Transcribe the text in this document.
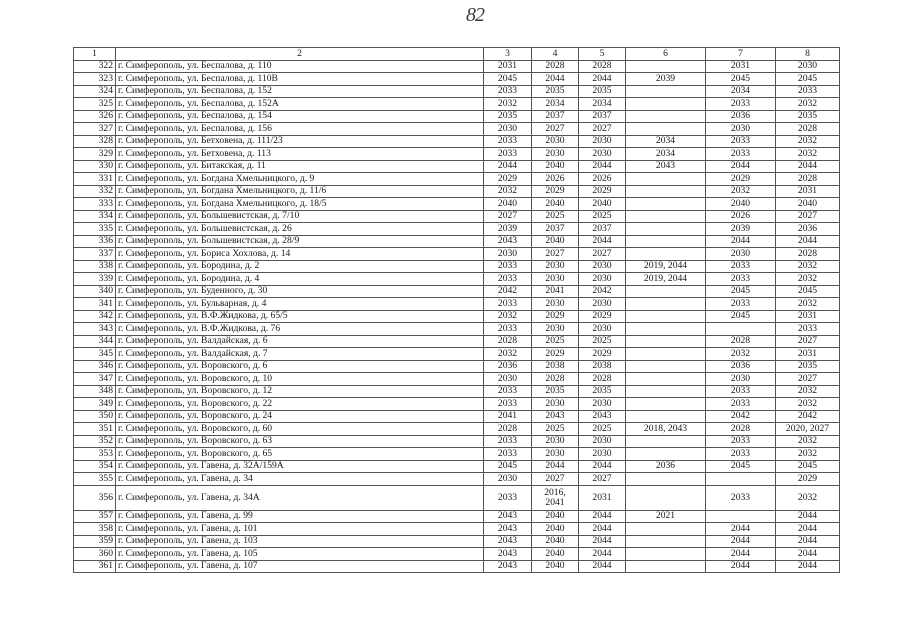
82
1	2	3	4	5	6	7	8
322	г. Симферополь, ул. Беспалова, д. 110	2031	2028	2028		2031	2030
323	г. Симферополь, ул. Беспалова, д. 110В	2045	2044	2044	2039	2045	2045
324	г. Симферополь, ул. Беспалова, д. 152	2033	2035	2035		2034	2033
325	г. Симферополь, ул. Беспалова, д. 152А	2032	2034	2034		2033	2032
326	г. Симферополь, ул. Беспалова, д. 154	2035	2037	2037		2036	2035
327	г. Симферополь, ул. Беспалова, д. 156	2030	2027	2027		2030	2028
328	г. Симферополь, ул. Бетховена, д. 111/23	2033	2030	2030	2034	2033	2032
329	г. Симферополь, ул. Бетховена, д. 113	2033	2030	2030	2034	2033	2032
330	г. Симферополь, ул. Битакская, д. 11	2044	2040	2044	2043	2044	2044
331	г. Симферополь, ул. Богдана Хмельницкого, д. 9	2029	2026	2026		2029	2028
332	г. Симферополь, ул. Богдана Хмельницкого, д. 11/6	2032	2029	2029		2032	2031
333	г. Симферополь, ул. Богдана Хмельницкого, д. 18/5	2040	2040	2040		2040	2040
334	г. Симферополь, ул. Большевистская, д. 7/10	2027	2025	2025		2026	2027
335	г. Симферополь, ул. Большевистская, д. 26	2039	2037	2037		2039	2036
336	г. Симферополь, ул. Большевистская, д. 28/9	2043	2040	2044		2044	2044
337	г. Симферополь, ул. Бориса Хохлова, д. 14	2030	2027	2027		2030	2028
338	г. Симферополь, ул. Бородина, д. 2	2033	2030	2030	2019, 2044	2033	2032
339	г. Симферополь, ул. Бородина, д. 4	2033	2030	2030	2019, 2044	2033	2032
340	г. Симферополь, ул. Буденного, д. 30	2042	2041	2042		2045	2045
341	г. Симферополь, ул. Бульварная, д. 4	2033	2030	2030		2033	2032
342	г. Симферополь, ул. В.Ф.Жидкова, д. 65/5	2032	2029	2029		2045	2031
343	г. Симферополь, ул. В.Ф.Жидкова, д. 76	2033	2030	2030			2033
344	г. Симферополь, ул. Валдайская, д. 6	2028	2025	2025		2028	2027
345	г. Симферополь, ул. Валдайская, д. 7	2032	2029	2029		2032	2031
346	г. Симферополь, ул. Воровского, д. 6	2036	2038	2038		2036	2035
347	г. Симферополь, ул. Воровского, д. 10	2030	2028	2028		2030	2027
348	г. Симферополь, ул. Воровского, д. 12	2033	2035	2035		2033	2032
349	г. Симферополь, ул. Воровского, д. 22	2033	2030	2030		2033	2032
350	г. Симферополь, ул. Воровского, д. 24	2041	2043	2043		2042	2042
351	г. Симферополь, ул. Воровского, д. 60	2028	2025	2025	2018, 2043	2028	2020, 2027
352	г. Симферополь, ул. Воровского, д. 63	2033	2030	2030		2033	2032
353	г. Симферополь, ул. Воровского, д. 65	2033	2030	2030		2033	2032
354	г. Симферополь, ул. Гавена, д. 32А/159А	2045	2044	2044	2036	2045	2045
355	г. Симферополь, ул. Гавена, д. 34	2030	2027	2027			2029
356	г. Симферополь, ул. Гавена, д. 34А	2033	2016, 2041	2031		2033	2032
357	г. Симферополь, ул. Гавена, д. 99	2043	2040	2044	2021		2044
358	г. Симферополь, ул. Гавена, д. 101	2043	2040	2044		2044	2044
359	г. Симферополь, ул. Гавена, д. 103	2043	2040	2044		2044	2044
360	г. Симферополь, ул. Гавена, д. 105	2043	2040	2044		2044	2044
361	г. Симферополь, ул. Гавена, д. 107	2043	2040	2044		2044	2044
